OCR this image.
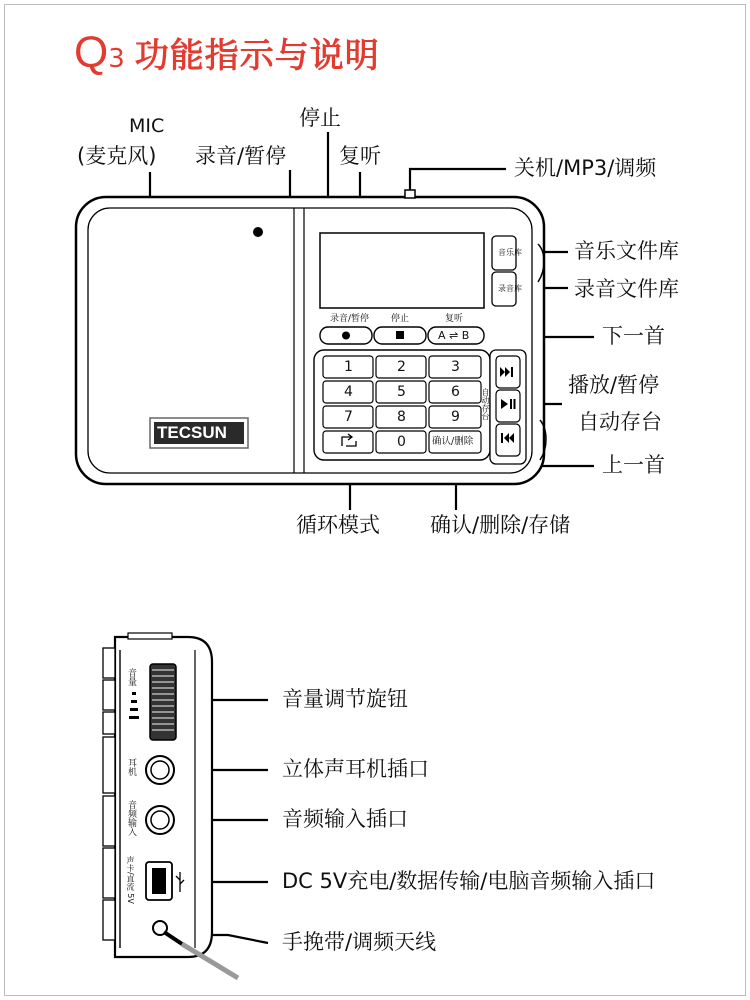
Q 3 功能指示与说明
MIC
(麦克风) 录音/暂停
停止
复听	关机/MP3/调频
音乐文件库
录音文件库
下一首
播放/暂停
自动存台
上一首
循环模式 确认/删除/存储
录音/暂停 停止	复听
A ⇌ B
1	2	3
4	5	6
7	8	9
0	确认/删除
音乐库
录音库
自动存台
TECSUN
音量
耳机
音频输入
声卡/直流 5V
音量调节旋钮
立体声耳机插口
音频输入插口
DC 5V充电/数据传输/电脑音频输入插口
手挽带/调频天线
